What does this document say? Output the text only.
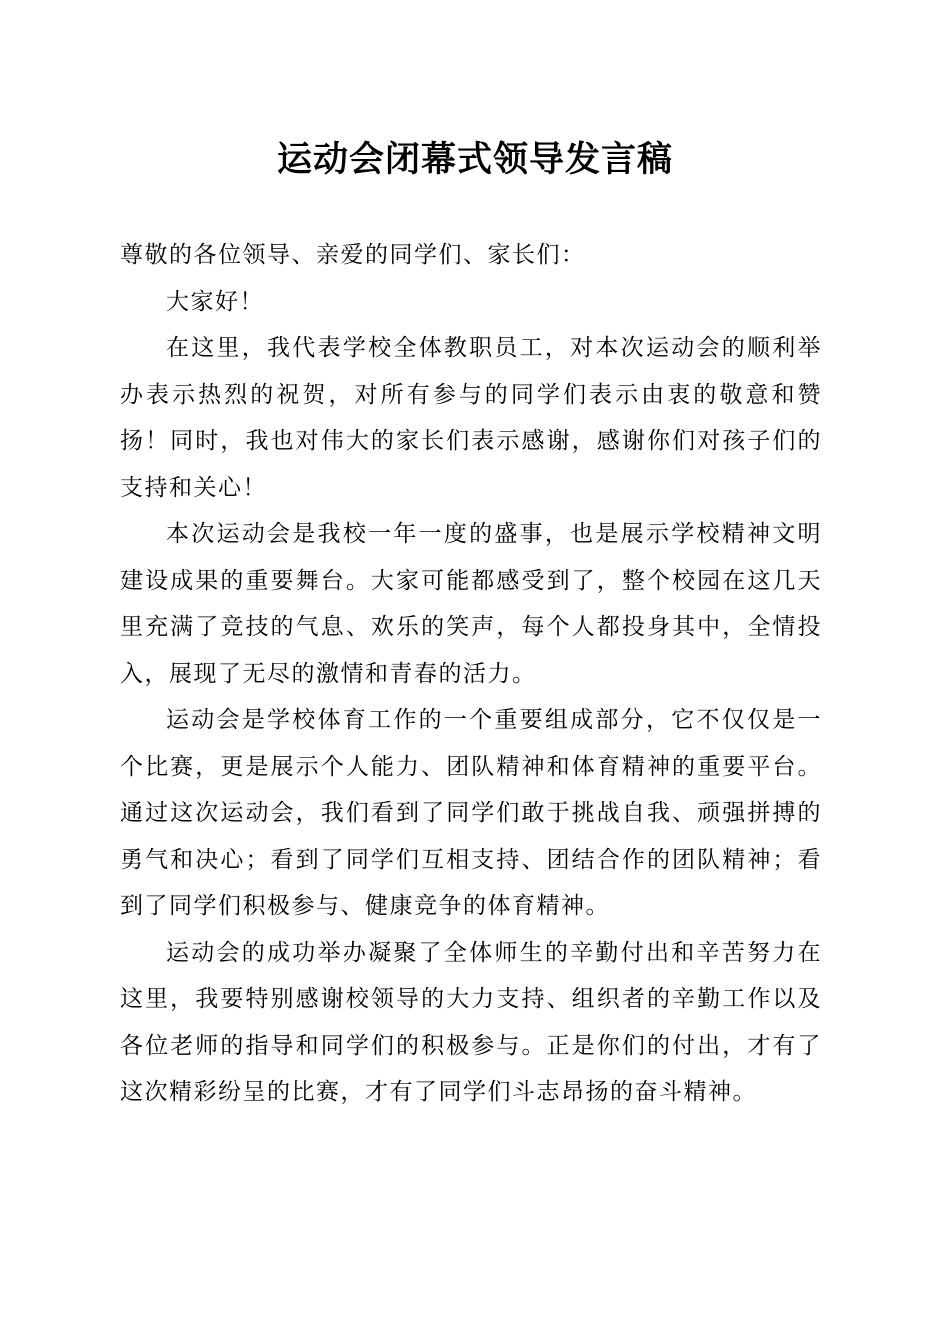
运动会闭幕式领导发言稿

尊敬的各位领导、亲爱的同学们、家长们：

大家好！

在这里，我代表学校全体教职员工，对本次运动会的顺利举办表示热烈的祝贺，对所有参与的同学们表示由衷的敬意和赞扬！同时，我也对伟大的家长们表示感谢，感谢你们对孩子们的支持和关心！

本次运动会是我校一年一度的盛事，也是展示学校精神文明建设成果的重要舞台。大家可能都感受到了，整个校园在这几天里充满了竞技的气息、欢乐的笑声，每个人都投身其中，全情投入，展现了无尽的激情和青春的活力。

运动会是学校体育工作的一个重要组成部分，它不仅仅是一个比赛，更是展示个人能力、团队精神和体育精神的重要平台。通过这次运动会，我们看到了同学们敢于挑战自我、顽强拼搏的勇气和决心；看到了同学们互相支持、团结合作的团队精神；看到了同学们积极参与、健康竞争的体育精神。

运动会的成功举办凝聚了全体师生的辛勤付出和辛苦努力在这里，我要特别感谢校领导的大力支持、组织者的辛勤工作以及各位老师的指导和同学们的积极参与。正是你们的付出，才有了这次精彩纷呈的比赛，才有了同学们斗志昂扬的奋斗精神。
